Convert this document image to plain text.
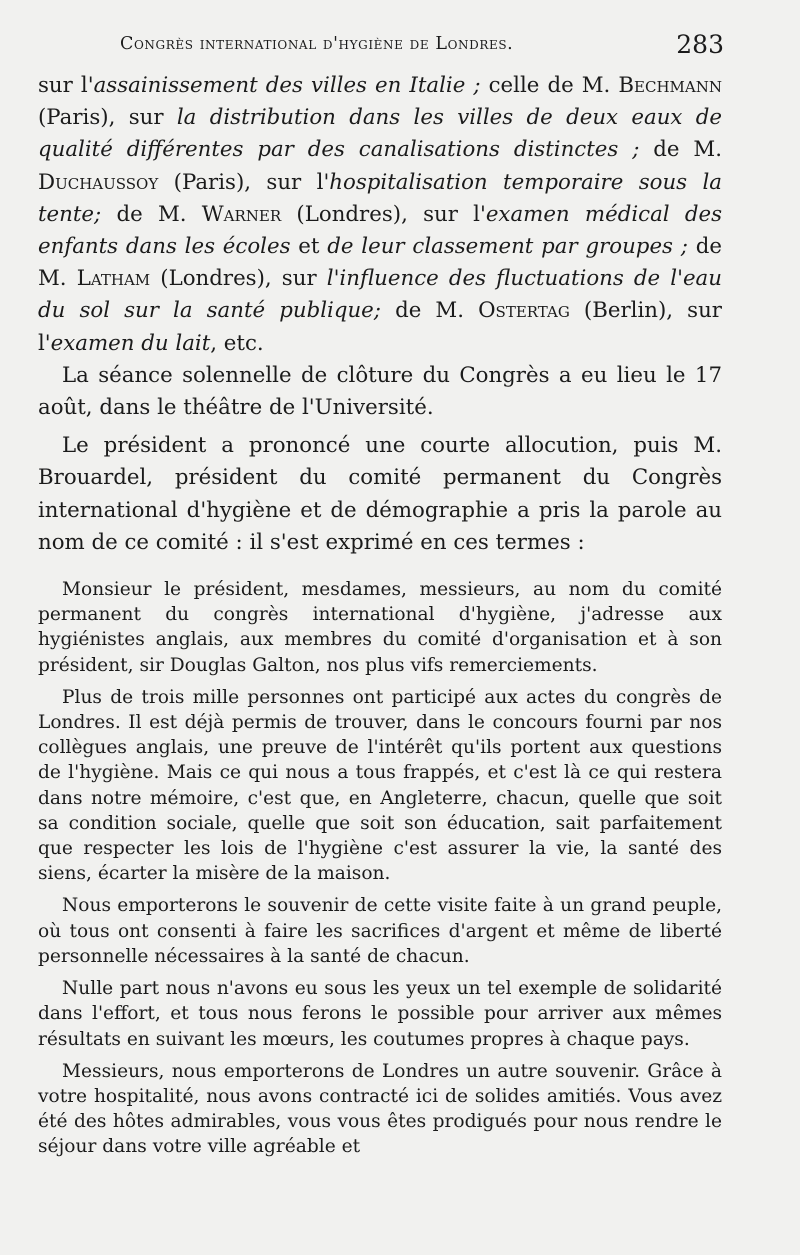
Congrès international d'hygiène de Londres.	283

sur l'assainissement des villes en Italie ; celle de M. Bechmann (Paris), sur la distribution dans les villes de deux eaux de qualité différentes par des canalisations distinctes ; de M. Duchaussoy (Paris), sur l'hospitalisation temporaire sous la tente; de M. Warner (Londres), sur l'examen médical des enfants dans les écoles et de leur classement par groupes ; de M. Latham (Londres), sur l'influence des fluctuations de l'eau du sol sur la santé publique; de M. Ostertag (Berlin), sur l'examen du lait, etc.

La séance solennelle de clôture du Congrès a eu lieu le 17 août, dans le théâtre de l'Université.

Le président a prononcé une courte allocution, puis M. Brouardel, président du comité permanent du Congrès international d'hygiène et de démographie a pris la parole au nom de ce comité : il s'est exprimé en ces termes :

Monsieur le président, mesdames, messieurs, au nom du comité permanent du congrès international d'hygiène, j'adresse aux hygiénistes anglais, aux membres du comité d'organisation et à son président, sir Douglas Galton, nos plus vifs remerciements.

Plus de trois mille personnes ont participé aux actes du congrès de Londres. Il est déjà permis de trouver, dans le concours fourni par nos collègues anglais, une preuve de l'intérêt qu'ils portent aux questions de l'hygiène. Mais ce qui nous a tous frappés, et c'est là ce qui restera dans notre mémoire, c'est que, en Angleterre, chacun, quelle que soit sa condition sociale, quelle que soit son éducation, sait parfaitement que respecter les lois de l'hygiène c'est assurer la vie, la santé des siens, écarter la misère de la maison.

Nous emporterons le souvenir de cette visite faite à un grand peuple, où tous ont consenti à faire les sacrifices d'argent et même de liberté personnelle nécessaires à la santé de chacun.

Nulle part nous n'avons eu sous les yeux un tel exemple de solidarité dans l'effort, et tous nous ferons le possible pour arriver aux mêmes résultats en suivant les mœurs, les coutumes propres à chaque pays.

Messieurs, nous emporterons de Londres un autre souvenir. Grâce à votre hospitalité, nous avons contracté ici de solides amitiés. Vous avez été des hôtes admirables, vous vous êtes prodigués pour nous rendre le séjour dans votre ville agréable et
